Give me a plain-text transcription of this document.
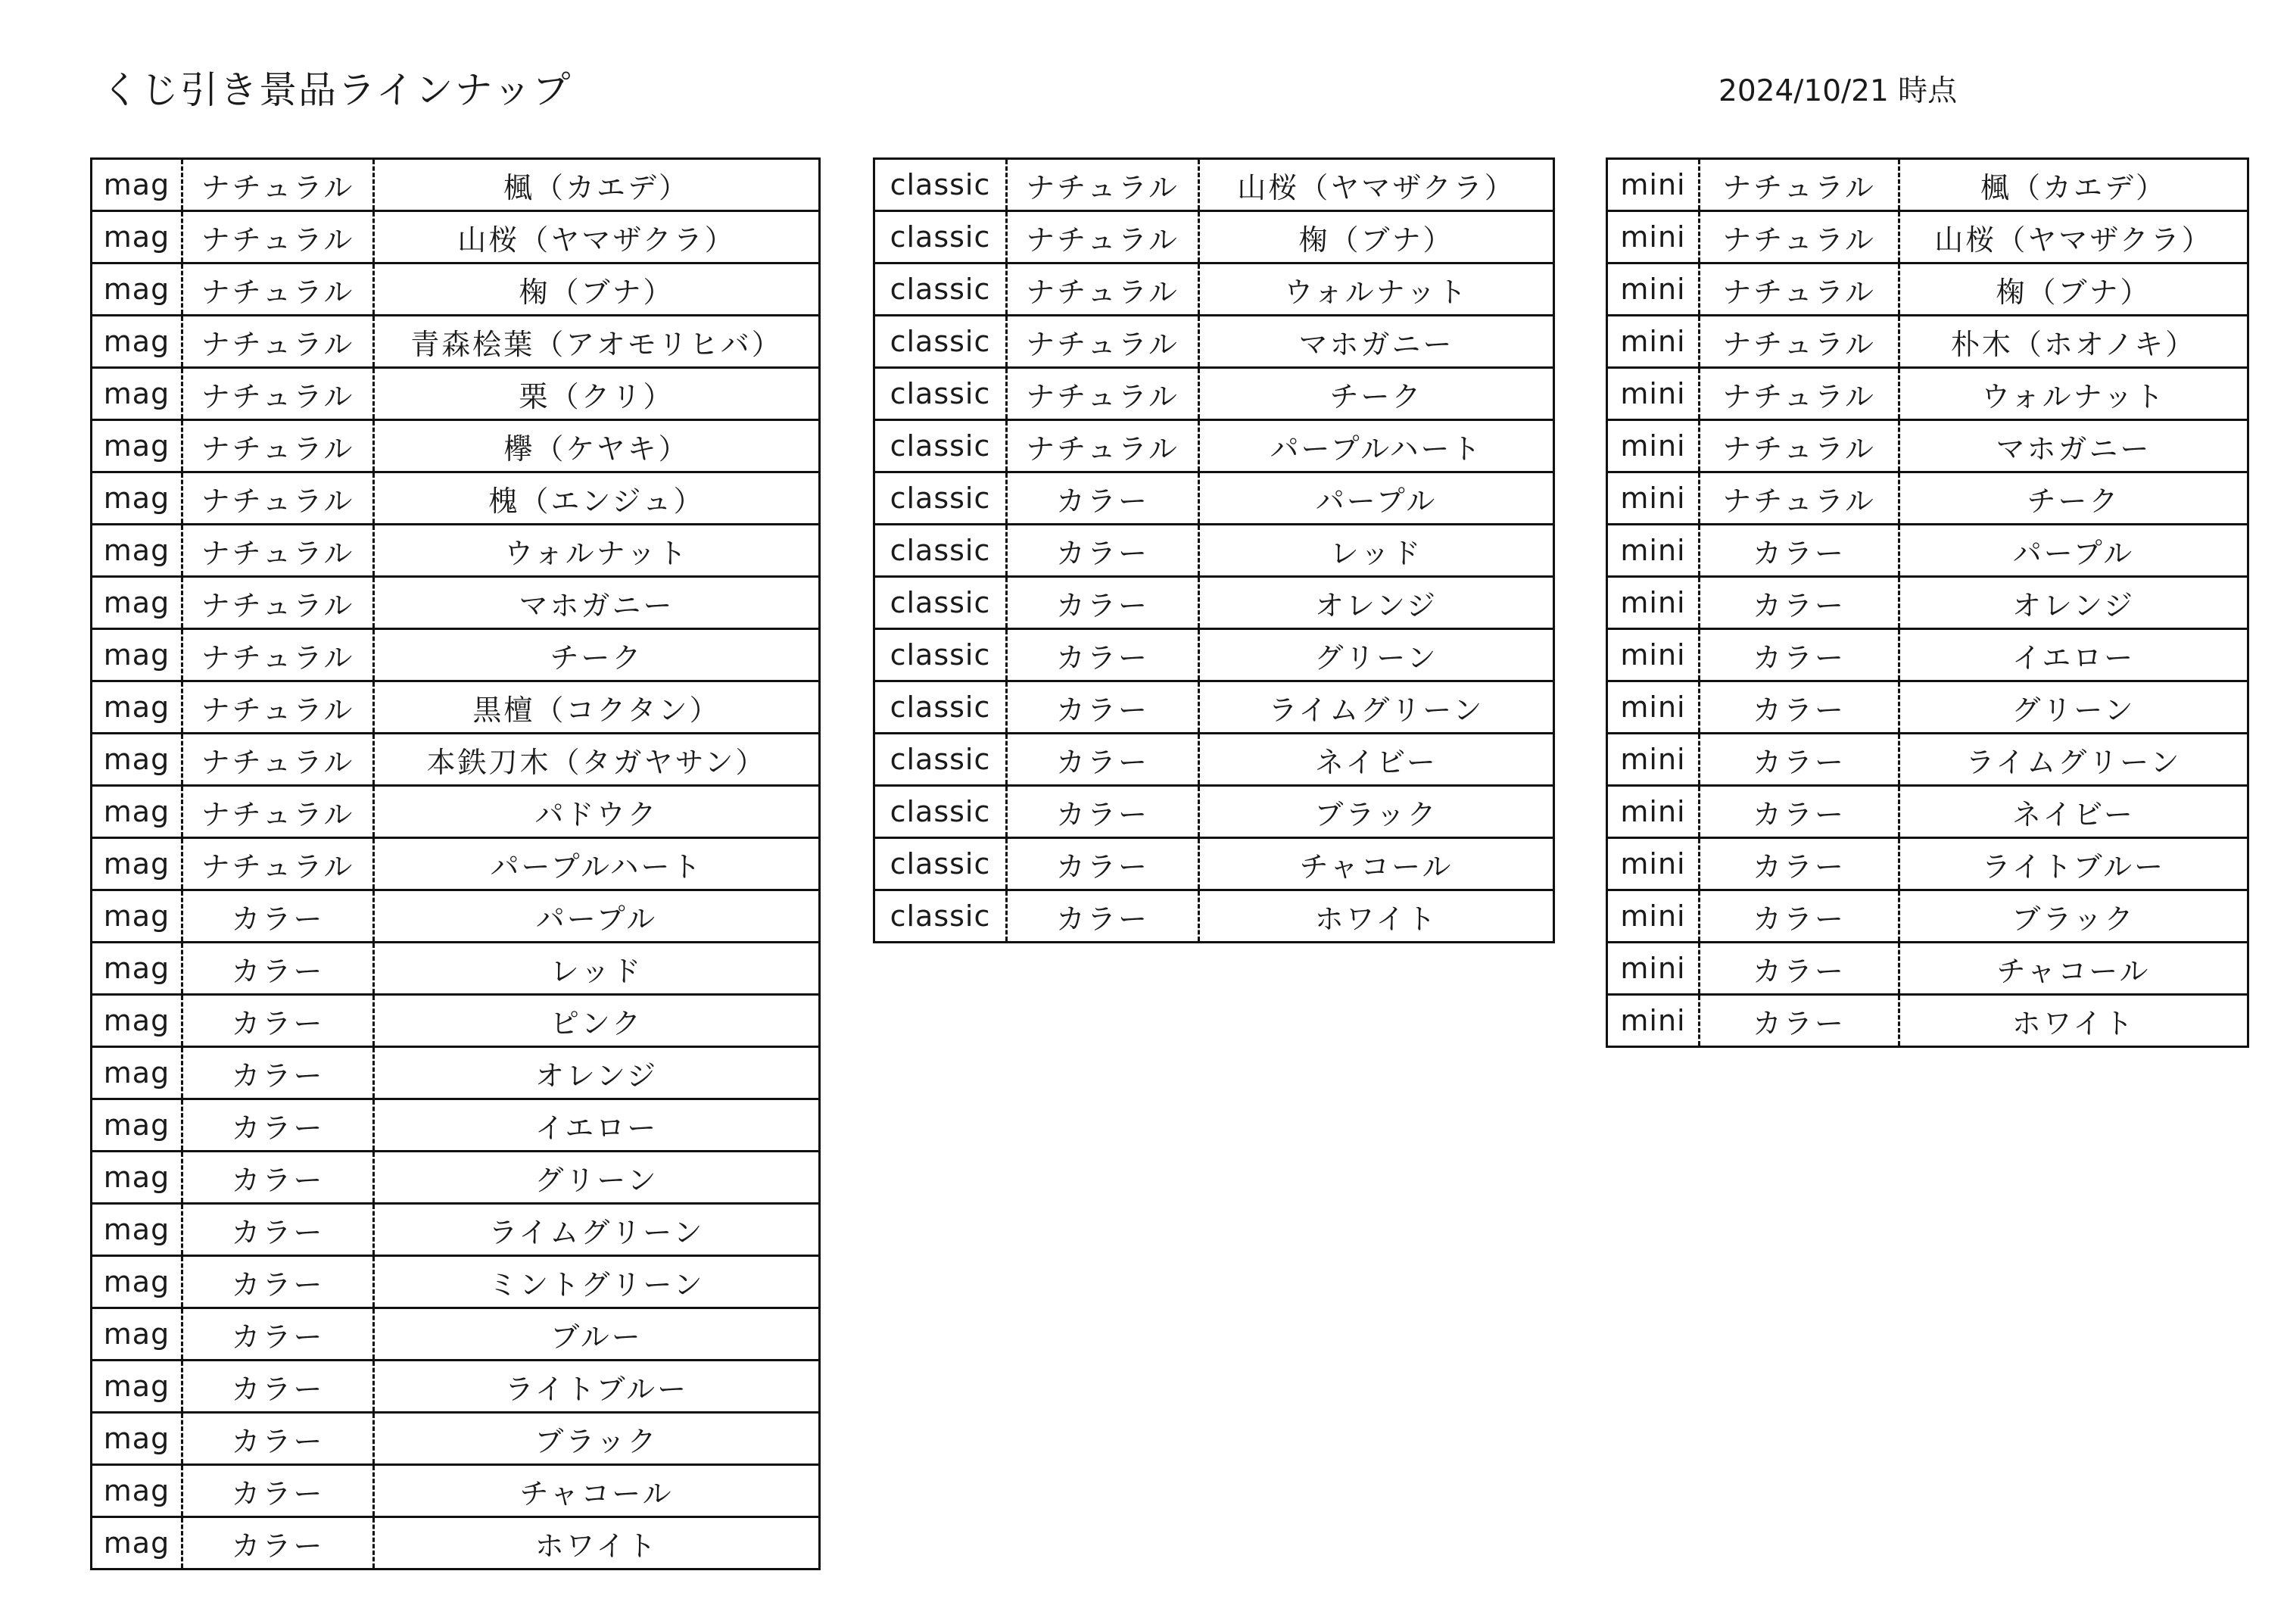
くじ引き景品ラインナップ	2024/10/21 時点
mag	ナチュラル	楓（カエデ）
mag	ナチュラル	山桜（ヤマザクラ）
mag	ナチュラル	椈（ブナ）
mag	ナチュラル	青森桧葉（アオモリヒバ）
mag	ナチュラル	栗（クリ）
mag	ナチュラル	欅（ケヤキ）
mag	ナチュラル	槐（エンジュ）
mag	ナチュラル	ウォルナット
mag	ナチュラル	マホガニー
mag	ナチュラル	チーク
mag	ナチュラル	黒檀（コクタン）
mag	ナチュラル	本鉄刀木（タガヤサン）
mag	ナチュラル	パドウク
mag	ナチュラル	パープルハート
mag	カラー	パープル
mag	カラー	レッド
mag	カラー	ピンク
mag	カラー	オレンジ
mag	カラー	イエロー
mag	カラー	グリーン
mag	カラー	ライムグリーン
mag	カラー	ミントグリーン
mag	カラー	ブルー
mag	カラー	ライトブルー
mag	カラー	ブラック
mag	カラー	チャコール
mag	カラー	ホワイト
classic	ナチュラル	山桜（ヤマザクラ）
classic	ナチュラル	椈（ブナ）
classic	ナチュラル	ウォルナット
classic	ナチュラル	マホガニー
classic	ナチュラル	チーク
classic	ナチュラル	パープルハート
classic	カラー	パープル
classic	カラー	レッド
classic	カラー	オレンジ
classic	カラー	グリーン
classic	カラー	ライムグリーン
classic	カラー	ネイビー
classic	カラー	ブラック
classic	カラー	チャコール
classic	カラー	ホワイト
mini	ナチュラル	楓（カエデ）
mini	ナチュラル	山桜（ヤマザクラ）
mini	ナチュラル	椈（ブナ）
mini	ナチュラル	朴木（ホオノキ）
mini	ナチュラル	ウォルナット
mini	ナチュラル	マホガニー
mini	ナチュラル	チーク
mini	カラー	パープル
mini	カラー	オレンジ
mini	カラー	イエロー
mini	カラー	グリーン
mini	カラー	ライムグリーン
mini	カラー	ネイビー
mini	カラー	ライトブルー
mini	カラー	ブラック
mini	カラー	チャコール
mini	カラー	ホワイト
